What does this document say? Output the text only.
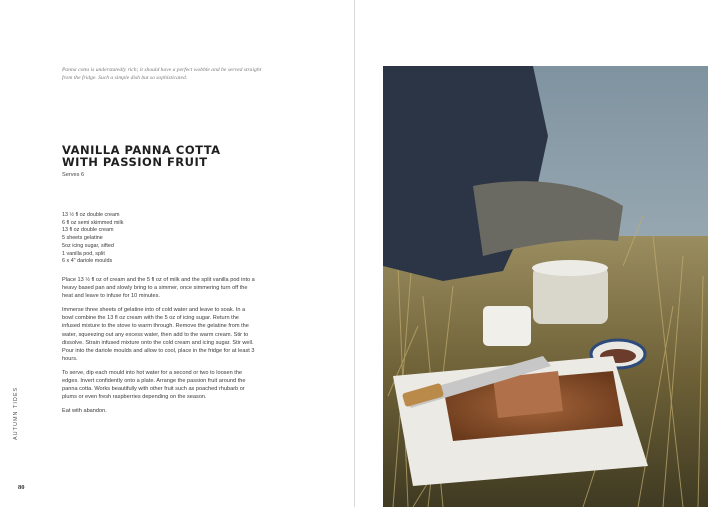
Panna cotta is understatedly rich; it should have a perfect wobble and be served straight from the fridge. Such a simple dish but so sophisticated.
VANILLA PANNA COTTA
WITH PASSION FRUIT
Serves 6
13 ½ fl oz double cream
6 fl oz semi skimmed milk
13 fl oz double cream
5 sheets gelatine
5oz icing sugar, sifted
1 vanilla pod, split
6 x 4" dariole moulds

Place 13 ½ fl oz of cream and the 5 fl oz of milk and the split vanilla pod into a heavy based pan and slowly bring to a simmer, once simmering turn off the heat and leave to infuse for 10 minutes.

Immerse three sheets of gelatine into of cold water and leave to soak. In a bowl combine the 13 fl oz cream with the 5 oz of icing sugar. Return the infused mixture to the stove to warm through. Remove the gelatine from the water, squeezing out any excess water, then add to the warm cream. Stir to dissolve. Strain infused mixture onto the cold cream and icing sugar. Stir well. Pour into the dariole moulds and allow to cool, place in the fridge for at least 3 hours.

To serve, dip each mould into hot water for a second or two to loosen the edges. Invert confidently onto a plate. Arrange the passion fruit around the panna cotta. Works beautifully with other fruit such as poached rhubarb or plums or even fresh raspberries depending on the season.

Eat with abandon.

AUTUMN TIDES
80
